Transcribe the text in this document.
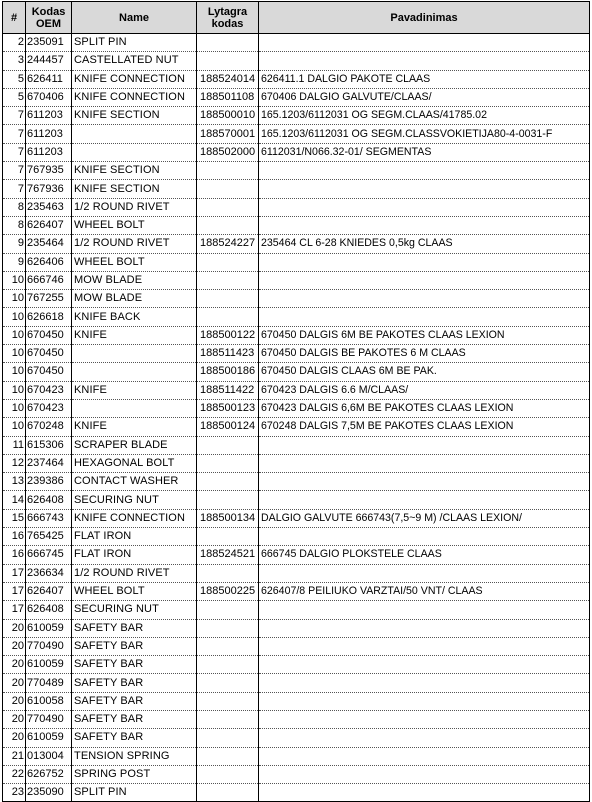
#	Kodas OEM	Name	Lytagra kodas	Pavadinimas
2	235091	SPLIT PIN		
3	244457	CASTELLATED NUT		
5	626411	KNIFE CONNECTION	188524014	626411.1 DALGIO PAKOTE CLAAS
5	670406	KNIFE CONNECTION	188501108	670406 DALGIO GALVUTE/CLAAS/
7	611203	KNIFE SECTION	188500010	165.1203/6112031 OG SEGM.CLAAS/41785.02
7	611203		188570001	165.1203/6112031 OG SEGM.CLASSVOKIETIJA80-4-0031-F
7	611203		188502000	6112031/N066.32-01/ SEGMENTAS
7	767935	KNIFE SECTION		
7	767936	KNIFE SECTION		
8	235463	1/2 ROUND RIVET		
8	626407	WHEEL BOLT		
9	235464	1/2 ROUND RIVET	188524227	235464 CL 6-28 KNIEDES 0,5kg CLAAS
9	626406	WHEEL BOLT		
10	666746	MOW BLADE		
10	767255	MOW BLADE		
10	626618	KNIFE BACK		
10	670450	KNIFE	188500122	670450 DALGIS 6M BE PAKOTES CLAAS LEXION
10	670450		188511423	670450 DALGIS BE PAKOTES 6 M CLAAS
10	670450		188500186	670450 DALGIS CLAAS 6M BE PAK.
10	670423	KNIFE	188511422	670423 DALGIS 6.6 M/CLAAS/
10	670423		188500123	670423 DALGIS 6,6M BE PAKOTES CLAAS LEXION
10	670248	KNIFE	188500124	670248 DALGIS 7,5M BE PAKOTES CLAAS LEXION
11	615306	SCRAPER BLADE		
12	237464	HEXAGONAL BOLT		
13	239386	CONTACT WASHER		
14	626408	SECURING NUT		
15	666743	KNIFE CONNECTION	188500134	DALGIO GALVUTE 666743(7,5~9 M) /CLAAS LEXION/
16	765425	FLAT IRON		
16	666745	FLAT IRON	188524521	666745 DALGIO PLOKSTELE CLAAS
17	236634	1/2 ROUND RIVET		
17	626407	WHEEL BOLT	188500225	626407/8 PEILIUKO VARZTAI/50 VNT/ CLAAS
17	626408	SECURING NUT		
20	610059	SAFETY BAR		
20	770490	SAFETY BAR		
20	610059	SAFETY BAR		
20	770489	SAFETY BAR		
20	610058	SAFETY BAR		
20	770490	SAFETY BAR		
20	610059	SAFETY BAR		
21	013004	TENSION SPRING		
22	626752	SPRING POST		
23	235090	SPLIT PIN		
